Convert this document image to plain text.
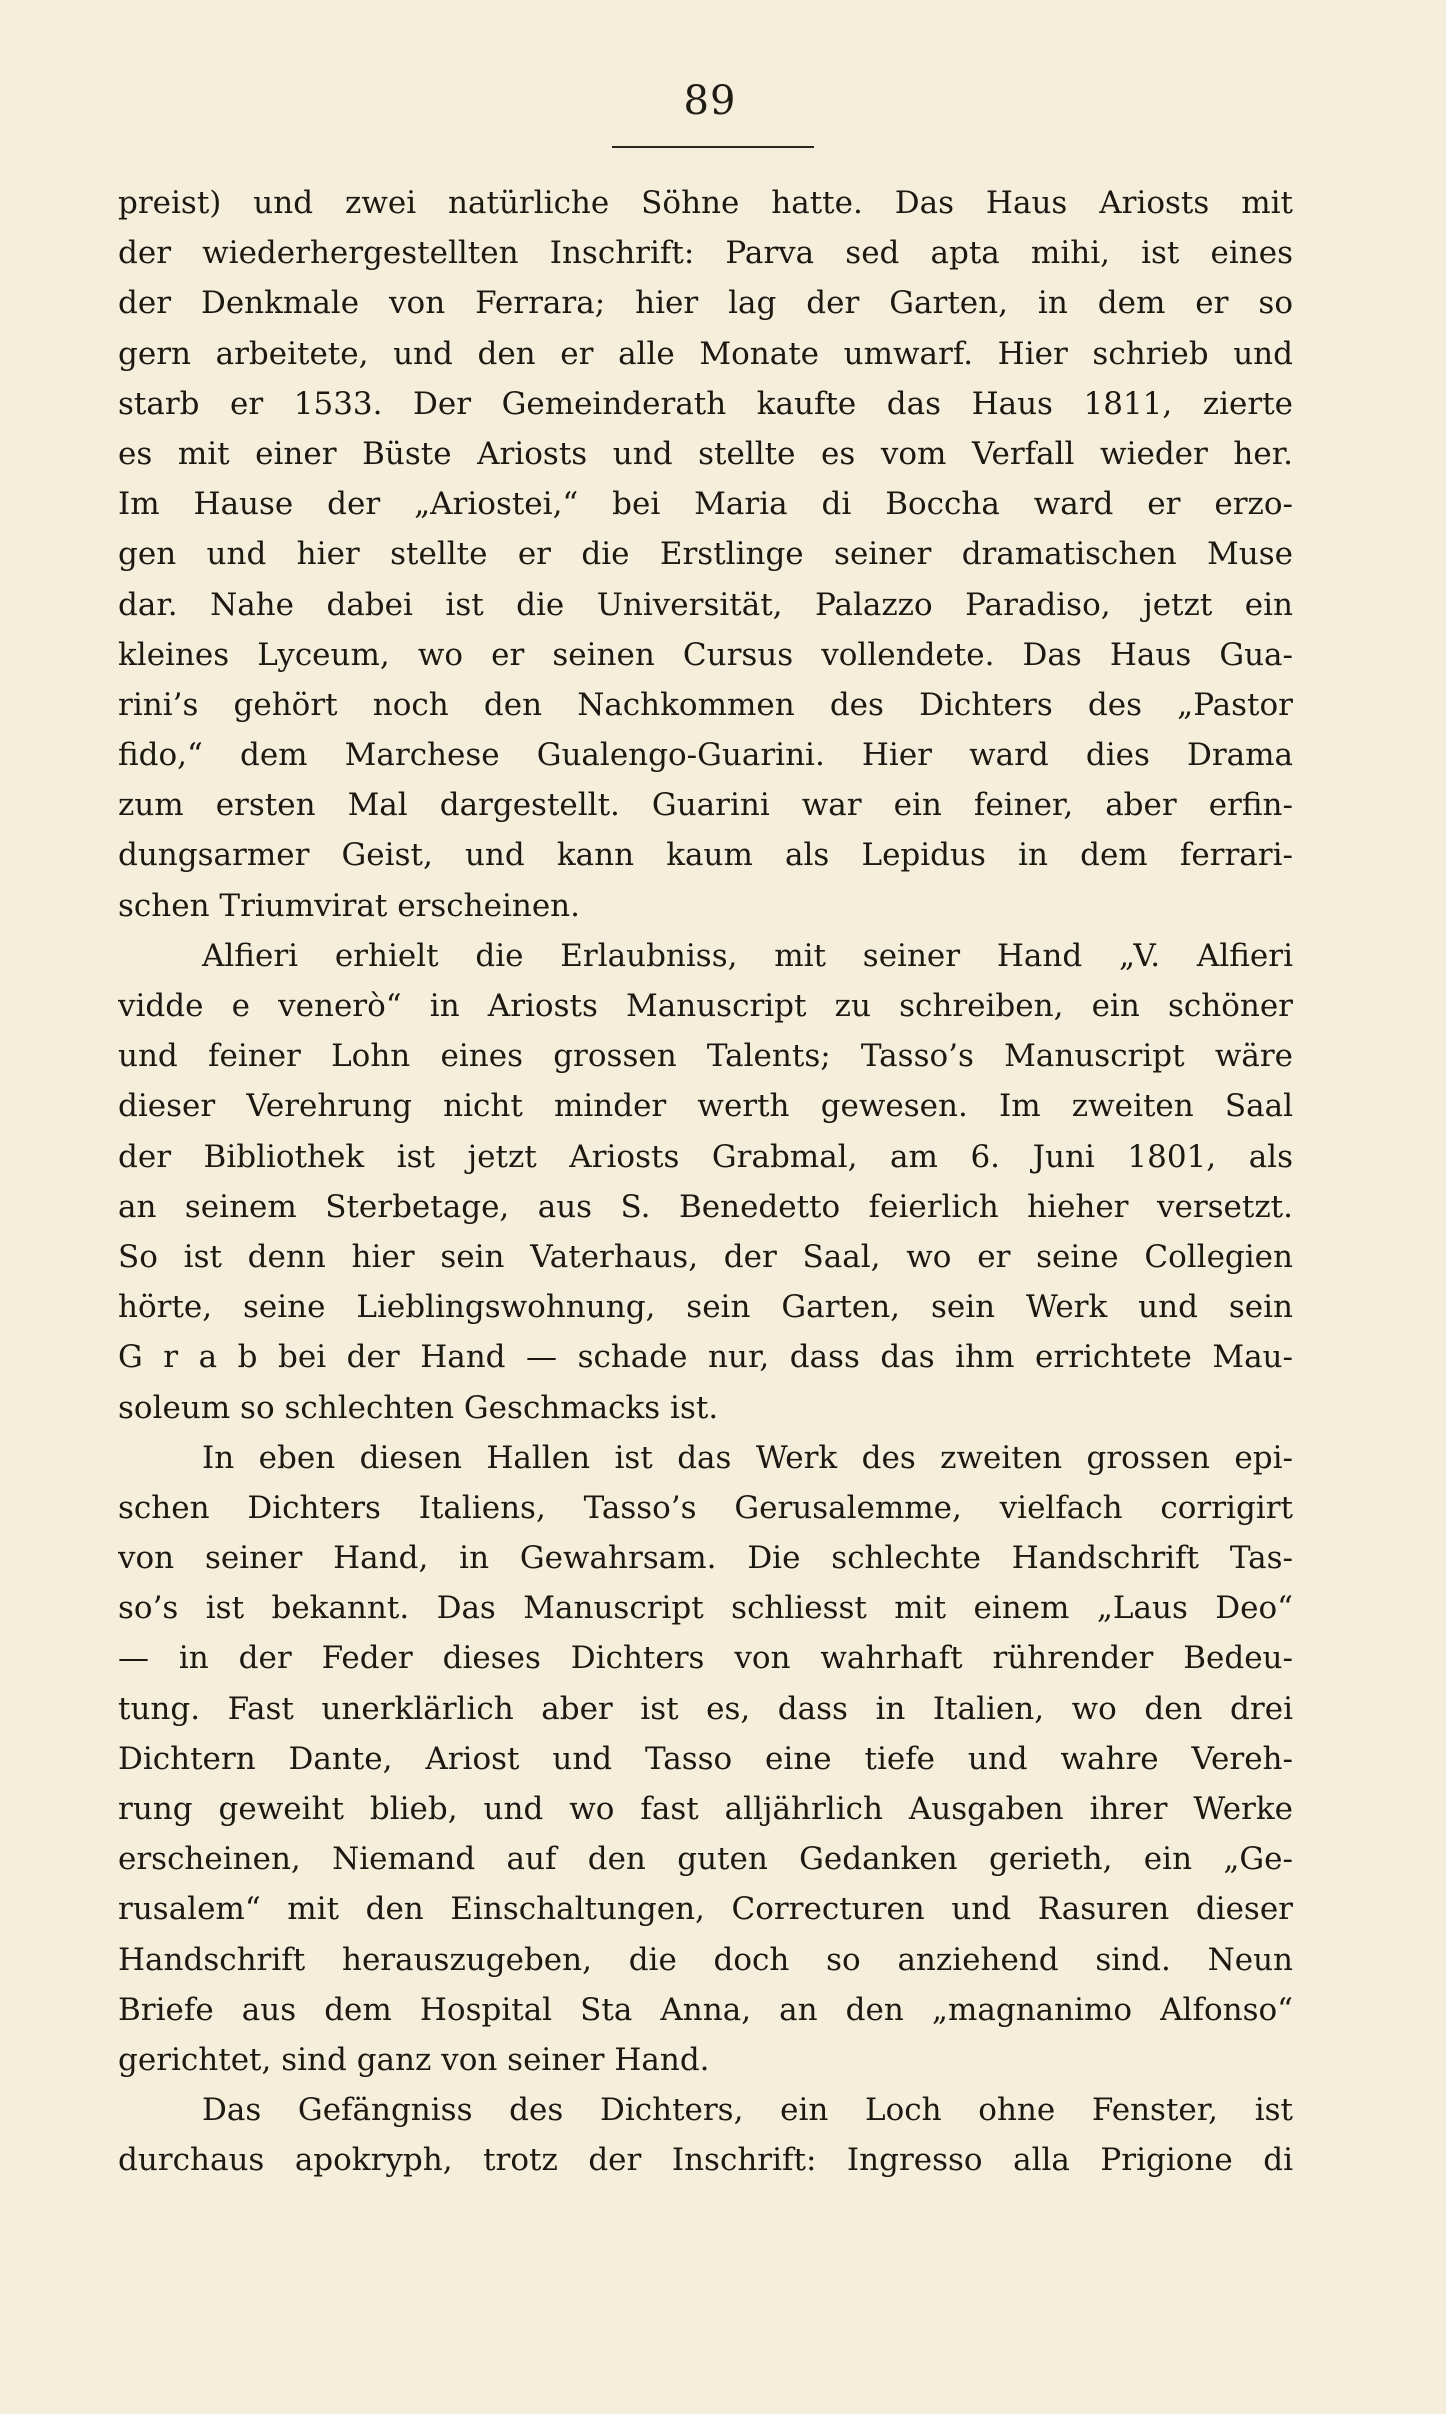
89
preist) und zwei natürliche Söhne hatte. Das Haus Ariosts mit
der wiederhergestellten Inschrift: Parva sed apta mihi, ist eines
der Denkmale von Ferrara; hier lag der Garten, in dem er so
gern arbeitete, und den er alle Monate umwarf. Hier schrieb und
starb er 1533. Der Gemeinderath kaufte das Haus 1811, zierte
es mit einer Büste Ariosts und stellte es vom Verfall wieder her.
Im Hause der „Ariostei,“ bei Maria di Boccha ward er erzo-
gen und hier stellte er die Erstlinge seiner dramatischen Muse
dar. Nahe dabei ist die Universität, Palazzo Paradiso, jetzt ein
kleines Lyceum, wo er seinen Cursus vollendete. Das Haus Gua-
rini’s gehört noch den Nachkommen des Dichters des „Pastor
fido,“ dem Marchese Gualengo-Guarini. Hier ward dies Drama
zum ersten Mal dargestellt. Guarini war ein feiner, aber erfin-
dungsarmer Geist, und kann kaum als Lepidus in dem ferrari-
schen Triumvirat erscheinen.
Alfieri erhielt die Erlaubniss, mit seiner Hand „V. Alfieri
vidde e venerò“ in Ariosts Manuscript zu schreiben, ein schöner
und feiner Lohn eines grossen Talents; Tasso’s Manuscript wäre
dieser Verehrung nicht minder werth gewesen. Im zweiten Saal
der Bibliothek ist jetzt Ariosts Grabmal, am 6. Juni 1801, als
an seinem Sterbetage, aus S. Benedetto feierlich hieher versetzt.
So ist denn hier sein Vaterhaus, der Saal, wo er seine Collegien
hörte, seine Lieblingswohnung, sein Garten, sein Werk und sein
G r a b bei der Hand — schade nur, dass das ihm errichtete Mau-
soleum so schlechten Geschmacks ist.
In eben diesen Hallen ist das Werk des zweiten grossen epi-
schen Dichters Italiens, Tasso’s Gerusalemme, vielfach corrigirt
von seiner Hand, in Gewahrsam. Die schlechte Handschrift Tas-
so’s ist bekannt. Das Manuscript schliesst mit einem „Laus Deo“
— in der Feder dieses Dichters von wahrhaft rührender Bedeu-
tung. Fast unerklärlich aber ist es, dass in Italien, wo den drei
Dichtern Dante, Ariost und Tasso eine tiefe und wahre Vereh-
rung geweiht blieb, und wo fast alljährlich Ausgaben ihrer Werke
erscheinen, Niemand auf den guten Gedanken gerieth, ein „Ge-
rusalem“ mit den Einschaltungen, Correcturen und Rasuren dieser
Handschrift herauszugeben, die doch so anziehend sind. Neun
Briefe aus dem Hospital Sta Anna, an den „magnanimo Alfonso“
gerichtet, sind ganz von seiner Hand.
Das Gefängniss des Dichters, ein Loch ohne Fenster, ist
durchaus apokryph, trotz der Inschrift: Ingresso alla Prigione di
